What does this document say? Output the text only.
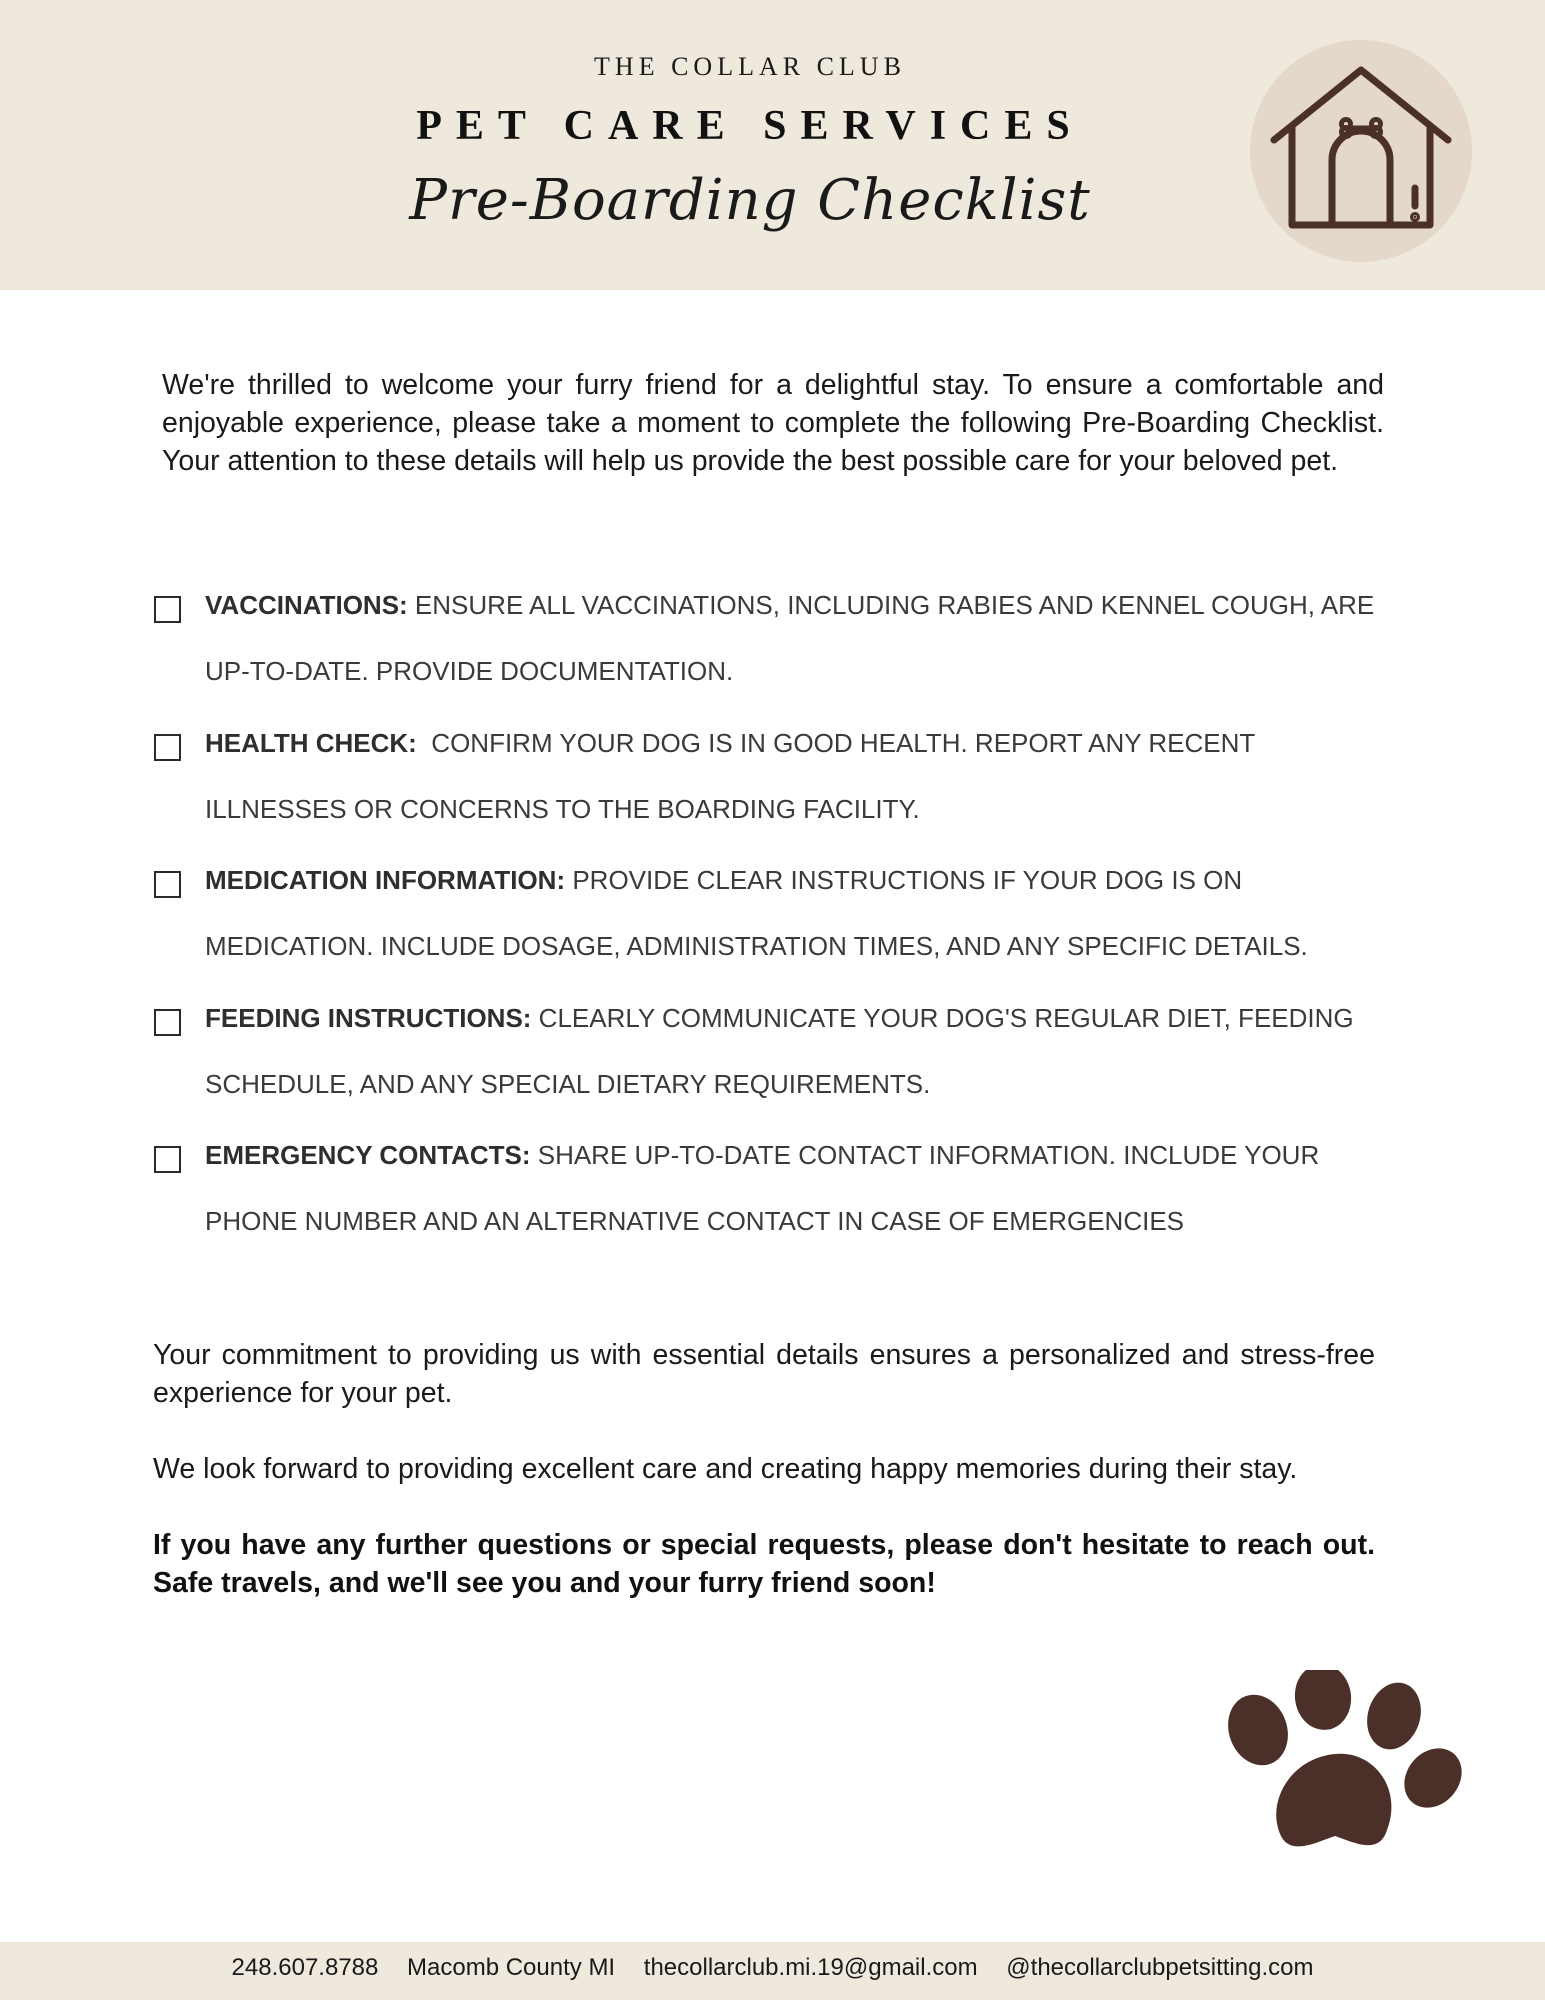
THE COLLAR CLUB
PET CARE SERVICES
Pre-Boarding Checklist
We're thrilled to welcome your furry friend for a delightful stay. To ensure a comfortable and enjoyable experience, please take a moment to complete the following Pre-Boarding Checklist. Your attention to these details will help us provide the best possible care for your beloved pet.
VACCINATIONS: ENSURE ALL VACCINATIONS, INCLUDING RABIES AND KENNEL COUGH, ARE UP-TO-DATE. PROVIDE DOCUMENTATION.
HEALTH CHECK:  CONFIRM YOUR DOG IS IN GOOD HEALTH. REPORT ANY RECENT ILLNESSES OR CONCERNS TO THE BOARDING FACILITY.
MEDICATION INFORMATION: PROVIDE CLEAR INSTRUCTIONS IF YOUR DOG IS ON MEDICATION. INCLUDE DOSAGE, ADMINISTRATION TIMES, AND ANY SPECIFIC DETAILS.
FEEDING INSTRUCTIONS: CLEARLY COMMUNICATE YOUR DOG'S REGULAR DIET, FEEDING SCHEDULE, AND ANY SPECIAL DIETARY REQUIREMENTS.
EMERGENCY CONTACTS: SHARE UP-TO-DATE CONTACT INFORMATION. INCLUDE YOUR PHONE NUMBER AND AN ALTERNATIVE CONTACT IN CASE OF EMERGENCIES

Your commitment to providing us with essential details ensures a personalized and stress-free experience for your pet.

We look forward to providing excellent care and creating happy memories during their stay.

If you have any further questions or special requests, please don't hesitate to reach out. Safe travels, and we'll see you and your furry friend soon!

248.607.8788 Macomb County MI thecollarclub.mi.19@gmail.com @thecollarclubpetsitting.com
